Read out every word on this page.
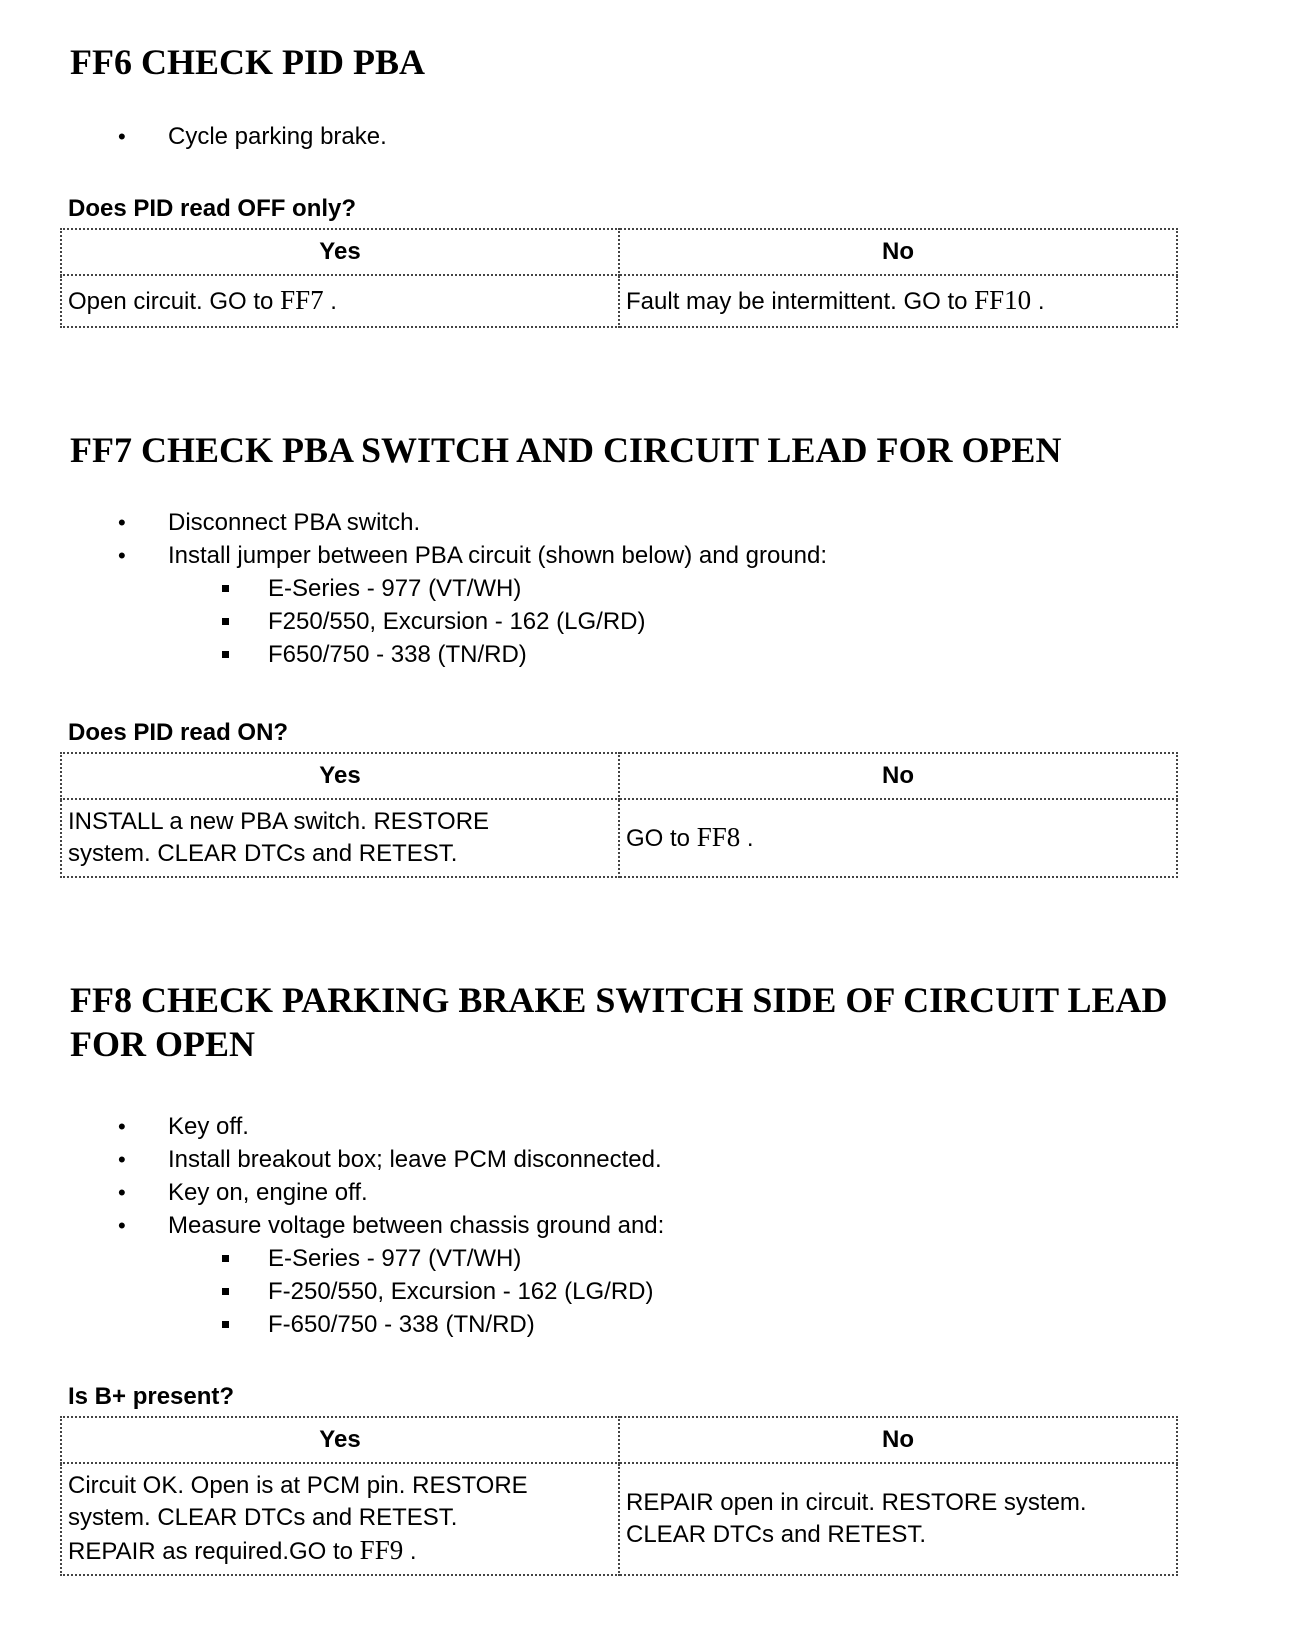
FF6 CHECK PID PBA
• Cycle parking brake.

Does PID read OFF only?

Yes	No
Open circuit. GO to FF7 .	Fault may be intermittent. GO to FF10 .
FF7 CHECK PBA SWITCH AND CIRCUIT LEAD FOR OPEN
• Disconnect PBA switch.
• Install jumper between PBA circuit (shown below) and ground:
E-Series - 977 (VT/WH)
F250/550, Excursion - 162 (LG/RD)
F650/750 - 338 (TN/RD)

Does PID read ON?

Yes	No
INSTALL a new PBA switch. RESTORE
system. CLEAR DTCs and RETEST.	GO to FF8 .
FF8 CHECK PARKING BRAKE SWITCH SIDE OF CIRCUIT LEAD
FOR OPEN
• Key off.
• Install breakout box; leave PCM disconnected.
• Key on, engine off.
• Measure voltage between chassis ground and:
E-Series - 977 (VT/WH)
F-250/550, Excursion - 162 (LG/RD)
F-650/750 - 338 (TN/RD)

Is B+ present?

Yes	No
Circuit OK. Open is at PCM pin. RESTORE
system. CLEAR DTCs and RETEST.
REPAIR as required.GO to FF9 .	REPAIR open in circuit. RESTORE system.
CLEAR DTCs and RETEST.
